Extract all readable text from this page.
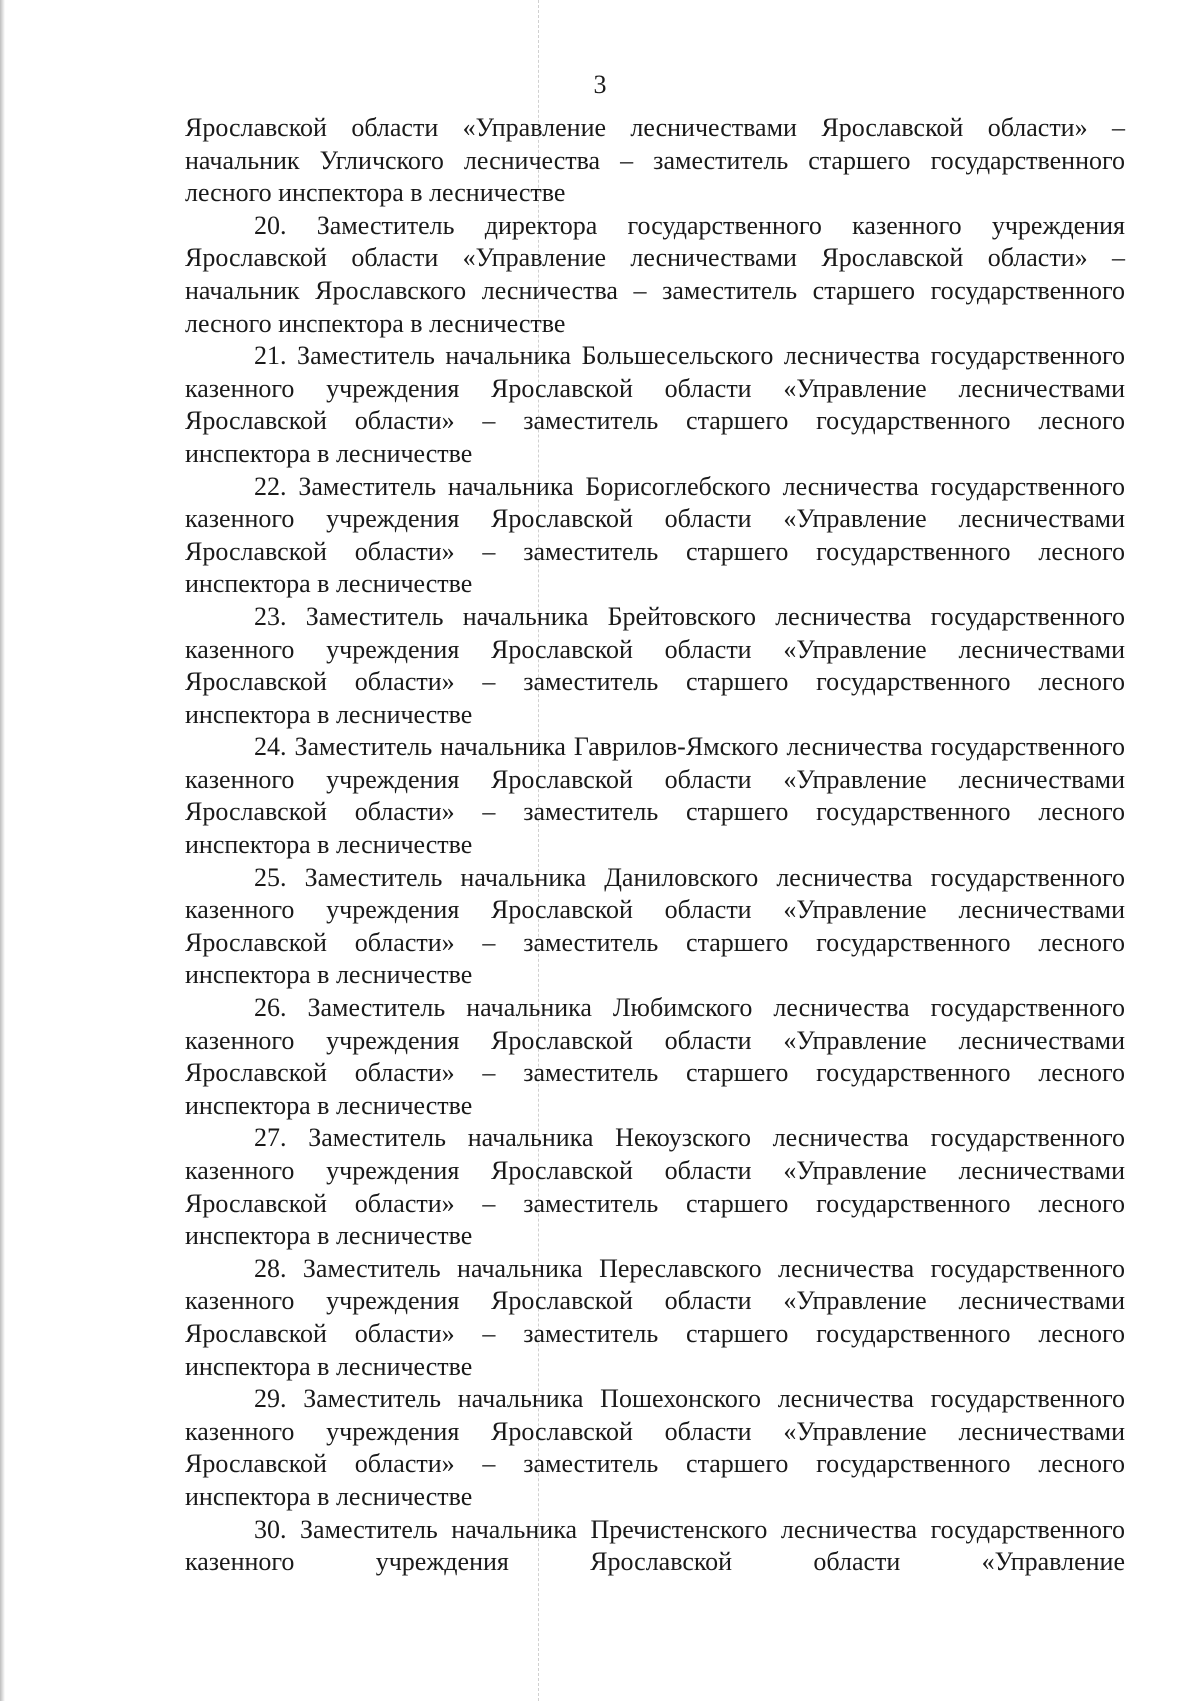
3

Ярославской области «Управление лесничествами Ярославской области» – начальник Угличского лесничества – заместитель старшего государственного лесного инспектора в лесничестве

20. Заместитель директора государственного казенного учреждения Ярославской области «Управление лесничествами Ярославской области» – начальник Ярославского лесничества – заместитель старшего государственного лесного инспектора в лесничестве

21. Заместитель начальника Большесельского лесничества государственного казенного учреждения Ярославской области «Управление лесничествами Ярославской области» – заместитель старшего государственного лесного инспектора в лесничестве

22. Заместитель начальника Борисоглебского лесничества государственного казенного учреждения Ярославской области «Управление лесничествами Ярославской области» – заместитель старшего государственного лесного инспектора в лесничестве

23. Заместитель начальника Брейтовского лесничества государственного казенного учреждения Ярославской области «Управление лесничествами Ярославской области» – заместитель старшего государственного лесного инспектора в лесничестве

24. Заместитель начальника Гаврилов-Ямского лесничества государственного казенного учреждения Ярославской области «Управление лесничествами Ярославской области» – заместитель старшего государственного лесного инспектора в лесничестве

25. Заместитель начальника Даниловского лесничества государственного казенного учреждения Ярославской области «Управление лесничествами Ярославской области» – заместитель старшего государственного лесного инспектора в лесничестве

26. Заместитель начальника Любимского лесничества государственного казенного учреждения Ярославской области «Управление лесничествами Ярославской области» – заместитель старшего государственного лесного инспектора в лесничестве

27. Заместитель начальника Некоузского лесничества государственного казенного учреждения Ярославской области «Управление лесничествами Ярославской области» – заместитель старшего государственного лесного инспектора в лесничестве

28. Заместитель начальника Переславского лесничества государственного казенного учреждения Ярославской области «Управление лесничествами Ярославской области» – заместитель старшего государственного лесного инспектора в лесничестве

29. Заместитель начальника Пошехонского лесничества государственного казенного учреждения Ярославской области «Управление лесничествами Ярославской области» – заместитель старшего государственного лесного инспектора в лесничестве

30. Заместитель начальника Пречистенского лесничества государственного казенного учреждения Ярославской области «Управление
